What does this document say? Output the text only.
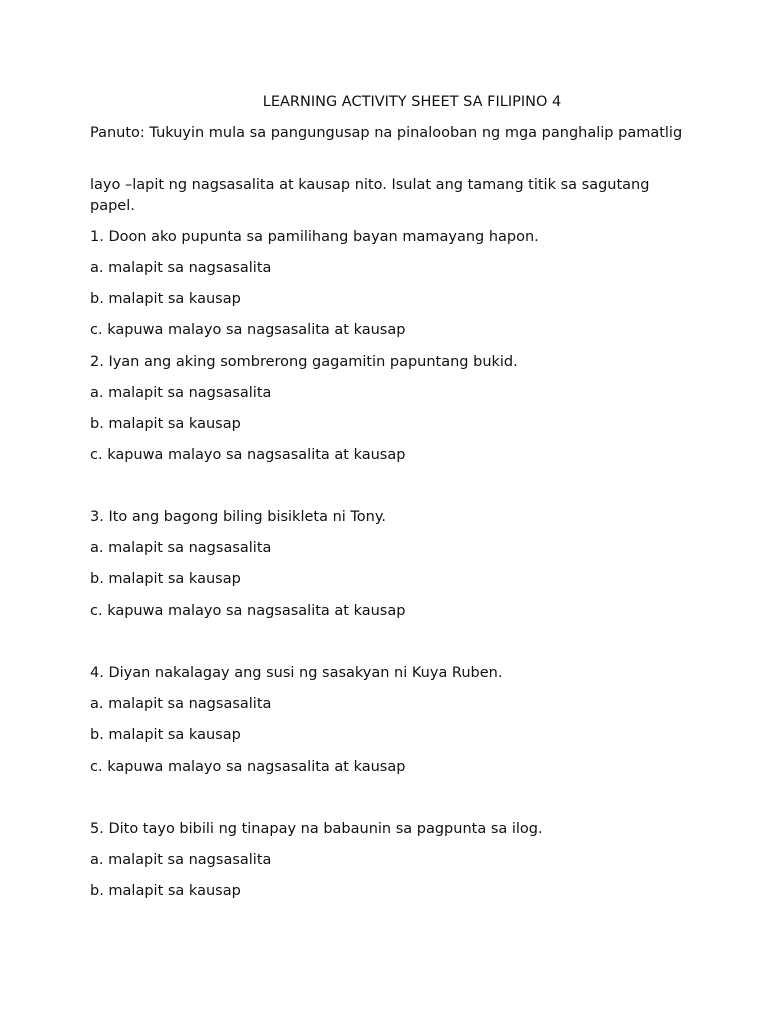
LEARNING ACTIVITY SHEET SA FILIPINO 4

Panuto: Tukuyin mula sa pangungusap na pinalooban ng mga panghalip pamatlig

layo –lapit ng nagsasalita at kausap nito. Isulat ang tamang titik sa sagutang papel.

1. Doon ako pupunta sa pamilihang bayan mamayang hapon.
a. malapit sa nagsasalita
b. malapit sa kausap
c. kapuwa malayo sa nagsasalita at kausap
2. Iyan ang aking sombrerong gagamitin papuntang bukid.
a. malapit sa nagsasalita
b. malapit sa kausap
c. kapuwa malayo sa nagsasalita at kausap
3. Ito ang bagong biling bisikleta ni Tony.
a. malapit sa nagsasalita
b. malapit sa kausap
c. kapuwa malayo sa nagsasalita at kausap
4. Diyan nakalagay ang susi ng sasakyan ni Kuya Ruben.
a. malapit sa nagsasalita
b. malapit sa kausap
c. kapuwa malayo sa nagsasalita at kausap
5. Dito tayo bibili ng tinapay na babaunin sa pagpunta sa ilog.
a. malapit sa nagsasalita
b. malapit sa kausap
